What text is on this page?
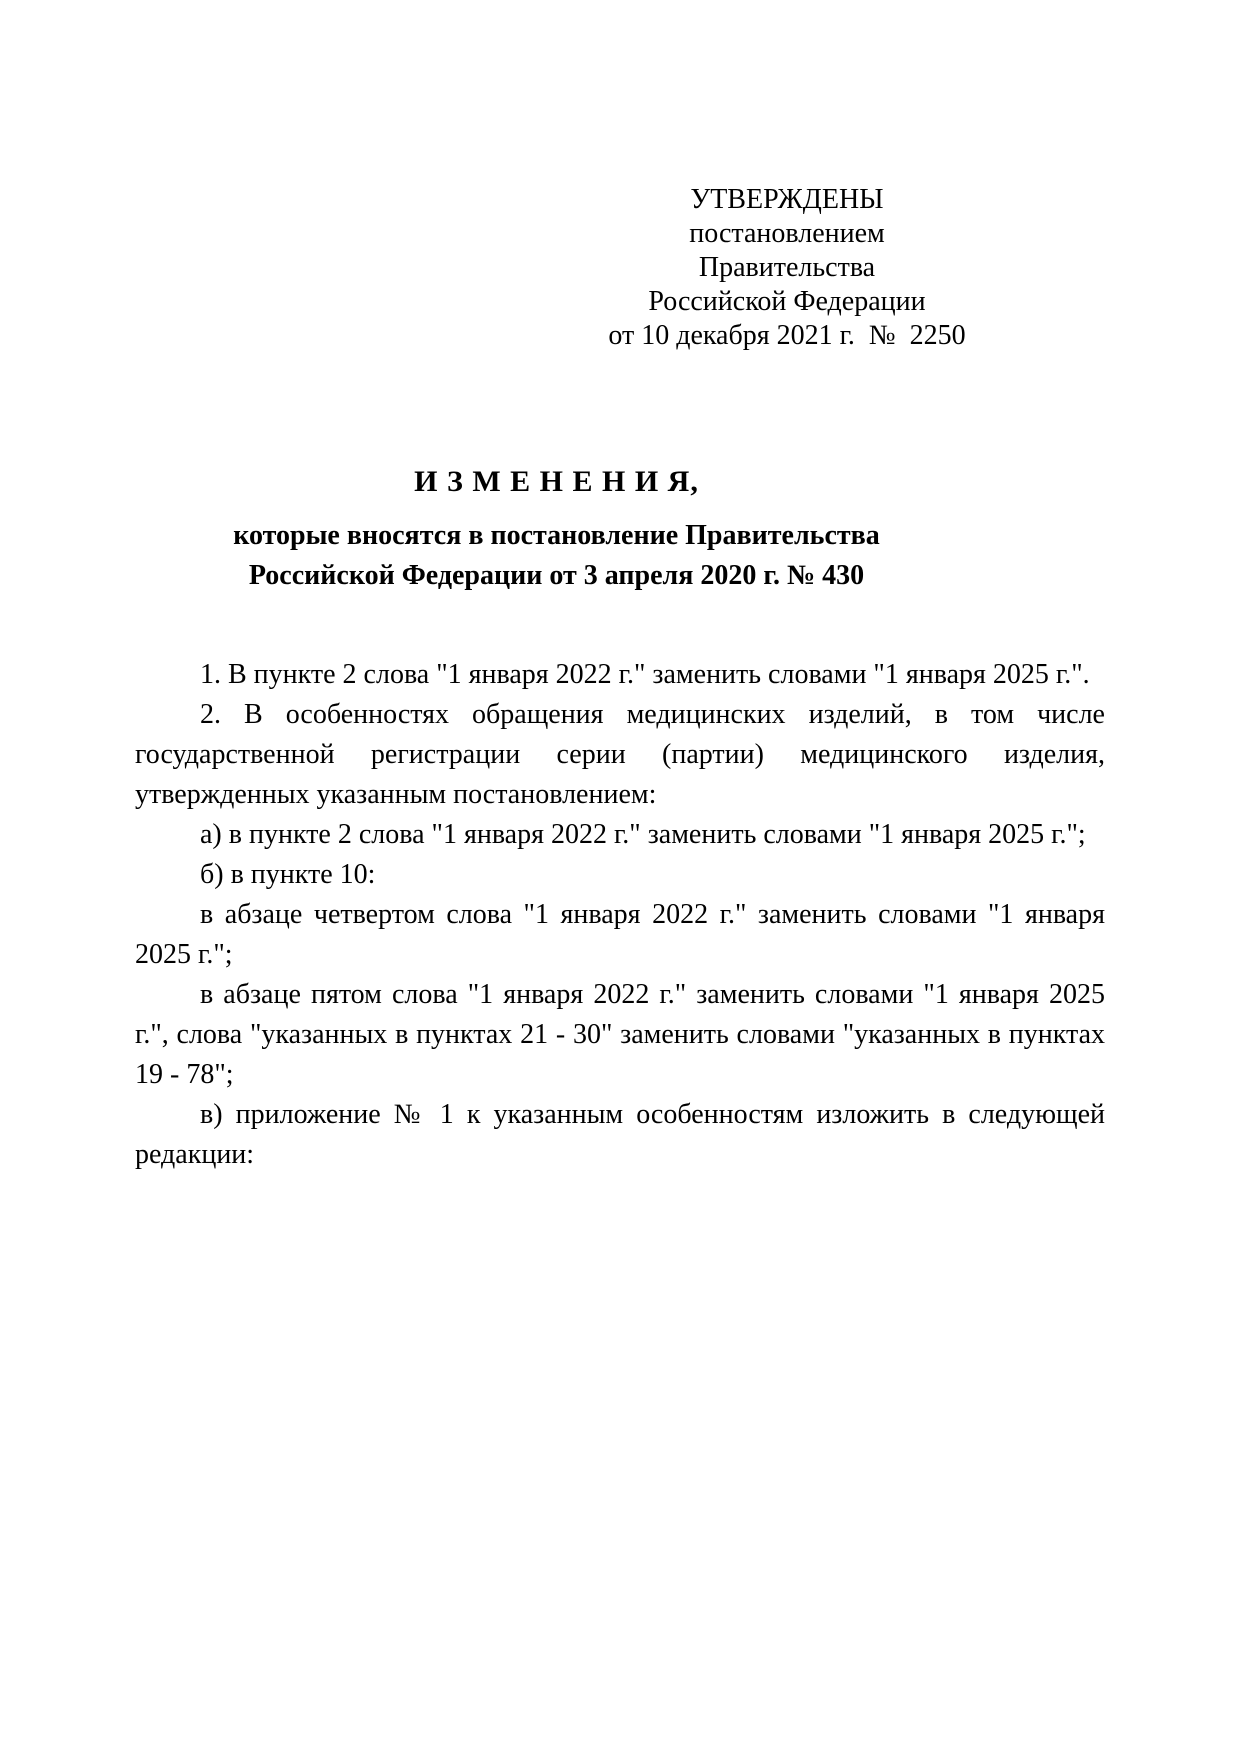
УТВЕРЖДЕНЫ
постановлением Правительства
Российской Федерации
от 10 декабря 2021 г.  №  2250
И З М Е Н Е Н И Я,
которые вносятся в постановление Правительства
Российской Федерации от 3 апреля 2020 г. № 430

1. В пункте 2 слова "1 января 2022 г." заменить словами "1 января 2025 г.".

2. В особенностях обращения медицинских изделий, в том числе государственной регистрации серии (партии) медицинского изделия, утвержденных указанным постановлением:

а) в пункте 2 слова "1 января 2022 г." заменить словами "1 января 2025 г.";

б) в пункте 10:

в абзаце четвертом слова "1 января 2022 г." заменить словами "1 января 2025 г.";

в абзаце пятом слова "1 января 2022 г." заменить словами "1 января 2025 г.", слова "указанных в пунктах 21 - 30" заменить словами "указанных в пунктах 19 - 78";

в) приложение № 1 к указанным особенностям изложить в следующей редакции:
